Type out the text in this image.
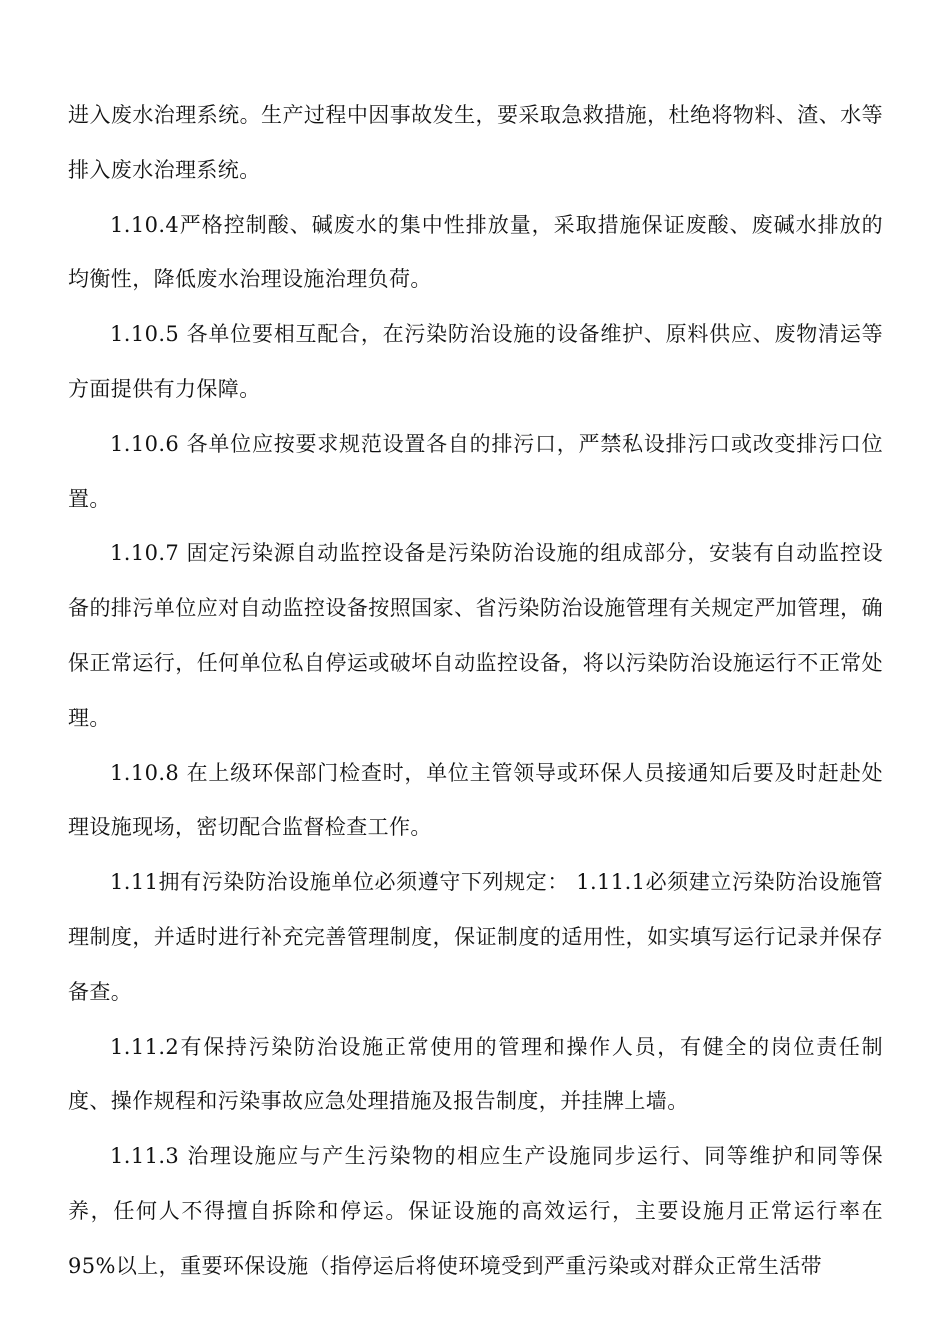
进入废水治理系统。生产过程中因事故发生，要采取急救措施，杜绝将物料、渣、水等排入废水治理系统。

1.10.4严格控制酸、碱废水的集中性排放量，采取措施保证废酸、废碱水排放的均衡性，降低废水治理设施治理负荷。

1.10.5 各单位要相互配合，在污染防治设施的设备维护、原料供应、废物清运等方面提供有力保障。

1.10.6 各单位应按要求规范设置各自的排污口，严禁私设排污口或改变排污口位置。

1.10.7 固定污染源自动监控设备是污染防治设施的组成部分，安装有自动监控设备的排污单位应对自动监控设备按照国家、省污染防治设施管理有关规定严加管理，确保正常运行，任何单位私自停运或破坏自动监控设备，将以污染防治设施运行不正常处理。

1.10.8 在上级环保部门检查时，单位主管领导或环保人员接通知后要及时赶赴处理设施现场，密切配合监督检查工作。

1.11拥有污染防治设施单位必须遵守下列规定： 1.11.1必须建立污染防治设施管理制度，并适时进行补充完善管理制度，保证制度的适用性，如实填写运行记录并保存备查。

1.11.2有保持污染防治设施正常使用的管理和操作人员，有健全的岗位责任制度、操作规程和污染事故应急处理措施及报告制度，并挂牌上墙。

1.11.3 治理设施应与产生污染物的相应生产设施同步运行、同等维护和同等保养，任何人不得擅自拆除和停运。保证设施的高效运行，主要设施月正常运行率在95%以上，重要环保设施（指停运后将使环境受到严重污染或对群众正常生活带
